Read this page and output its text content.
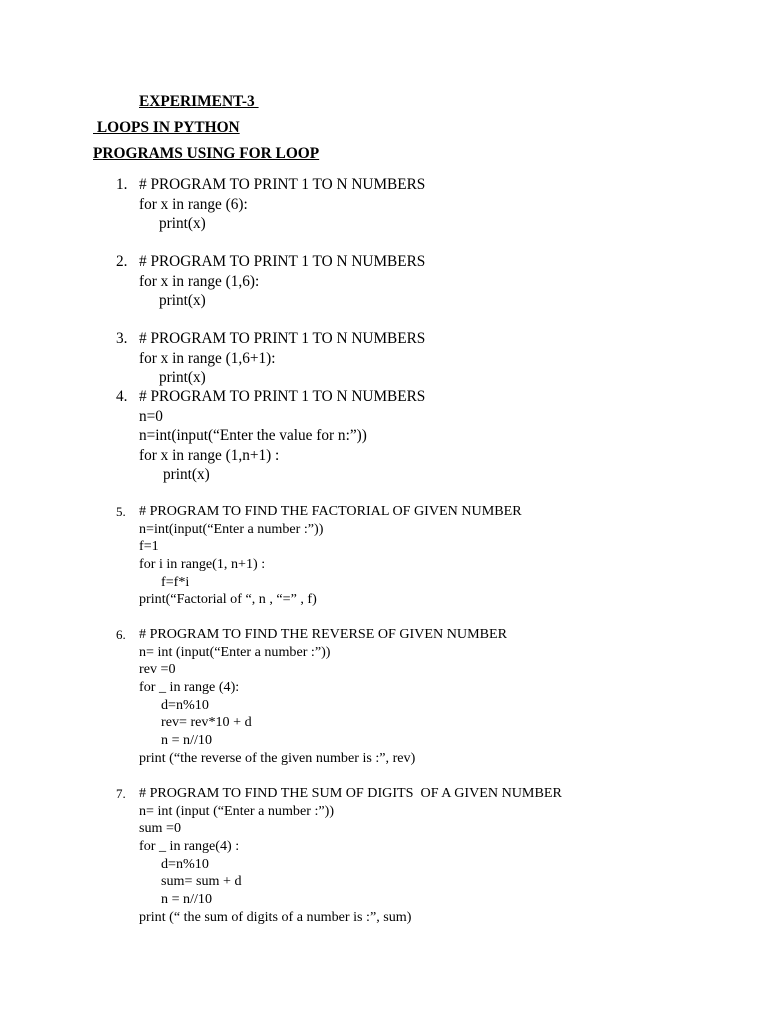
EXPERIMENT-3
LOOPS IN PYTHON
PROGRAMS USING FOR LOOP
1. # PROGRAM TO PRINT 1 TO N NUMBERS
for x in range (6):
print(x)
2. # PROGRAM TO PRINT 1 TO N NUMBERS
for x in range (1,6):
print(x)
3. # PROGRAM TO PRINT 1 TO N NUMBERS
for x in range (1,6+1):
print(x)
4. # PROGRAM TO PRINT 1 TO N NUMBERS
n=0
n=int(input(“Enter the value for n:”))
for x in range (1,n+1) :
print(x)
5. # PROGRAM TO FIND THE FACTORIAL OF GIVEN NUMBER
n=int(input(“Enter a number :”))
f=1
for i in range(1, n+1) :
f=f*i
print(“Factorial of “, n , “=” , f)
6. # PROGRAM TO FIND THE REVERSE OF GIVEN NUMBER
n= int (input(“Enter a number :”))
rev =0
for _ in range (4):
d=n%10
rev= rev*10 + d
n = n//10
print (“the reverse of the given number is :”, rev)
7. # PROGRAM TO FIND THE SUM OF DIGITS  OF A GIVEN NUMBER
n= int (input (“Enter a number :”))
sum =0
for _ in range(4) :
d=n%10
sum= sum + d
n = n//10
print (“ the sum of digits of a number is :”, sum)
